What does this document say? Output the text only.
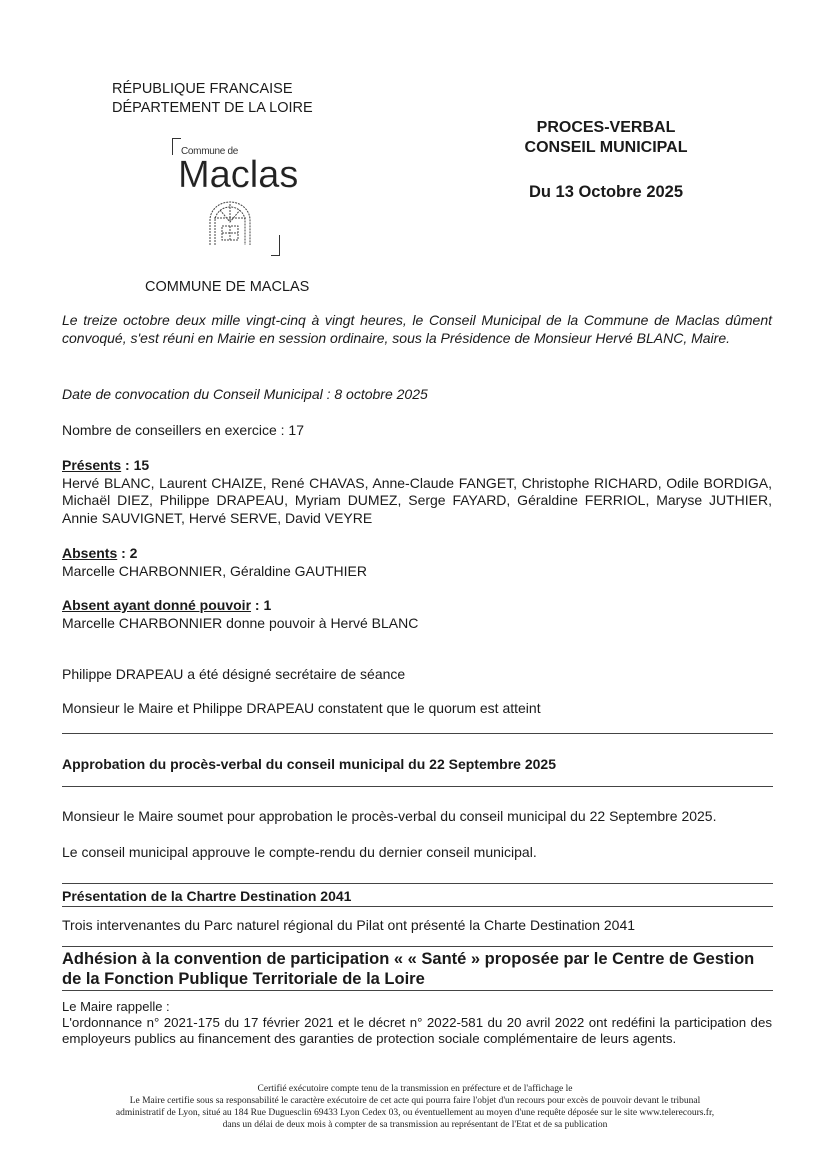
RÉPUBLIQUE FRANCAISE
DÉPARTEMENT DE LA LOIRE
Commune de
Maclas
COMMUNE DE MACLAS
PROCES-VERBAL
CONSEIL MUNICIPAL
Du 13 Octobre 2025
Le treize octobre deux mille vingt-cinq à vingt heures, le Conseil Municipal de la Commune de Maclas dûment convoqué, s'est réuni en Mairie en session ordinaire, sous la Présidence de Monsieur Hervé BLANC, Maire.
Date de convocation du Conseil Municipal : 8 octobre 2025
Nombre de conseillers en exercice : 17
Présents : 15
Hervé BLANC, Laurent CHAIZE, René CHAVAS, Anne-Claude FANGET, Christophe RICHARD, Odile BORDIGA, Michaël DIEZ, Philippe DRAPEAU, Myriam DUMEZ, Serge FAYARD, Géraldine FERRIOL, Maryse JUTHIER, Annie SAUVIGNET, Hervé SERVE, David VEYRE
Absents : 2
Marcelle CHARBONNIER, Géraldine GAUTHIER
Absent ayant donné pouvoir : 1
Marcelle CHARBONNIER donne pouvoir à Hervé BLANC
Philippe DRAPEAU a été désigné secrétaire de séance
Monsieur le Maire et Philippe DRAPEAU constatent que le quorum est atteint
Approbation du procès-verbal du conseil municipal du 22 Septembre 2025
Monsieur le Maire soumet pour approbation le procès-verbal du conseil municipal du 22 Septembre 2025.
Le conseil municipal approuve le compte-rendu du dernier conseil municipal.
Présentation de la Chartre Destination 2041
Trois intervenantes du Parc naturel régional du Pilat ont présenté la Charte Destination 2041
Adhésion à la convention de participation « « Santé » proposée par le Centre de Gestion de la Fonction Publique Territoriale de la Loire
Le Maire rappelle :
L'ordonnance n° 2021-175 du 17 février 2021 et le décret n° 2022-581 du 20 avril 2022 ont redéfini la participation des employeurs publics au financement des garanties de protection sociale complémentaire de leurs agents.
Certifié exécutoire compte tenu de la transmission en préfecture et de l'affichage le
Le Maire certifie sous sa responsabilité le caractère exécutoire de cet acte qui pourra faire l'objet d'un recours pour excès de pouvoir devant le tribunal
administratif de Lyon, situé au 184 Rue Duguesclin 69433 Lyon Cedex 03, ou éventuellement au moyen d'une requête déposée sur le site www.telerecours.fr,
dans un délai de deux mois à compter de sa transmission au représentant de l'Etat et de sa publication
